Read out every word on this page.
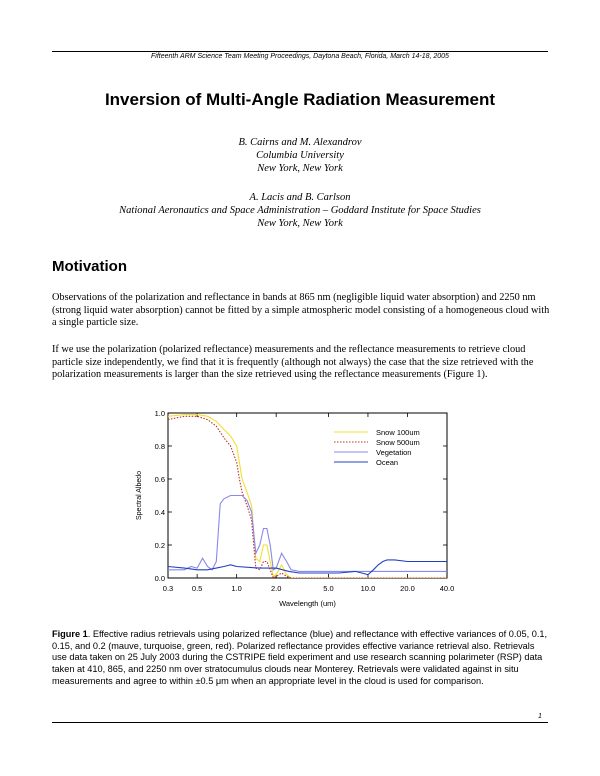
Fifteenth ARM Science Team Meeting Proceedings, Daytona Beach, Florida, March 14-18, 2005
Inversion of Multi-Angle Radiation Measurement
B. Cairns and M. Alexandrov
Columbia University
New York, New York
A. Lacis and B. Carlson
National Aeronautics and Space Administration – Goddard Institute for Space Studies
New York, New York
Motivation
Observations of the polarization and reflectance in bands at 865 nm (negligible liquid water absorption) and 2250 nm (strong liquid water absorption) cannot be fitted by a simple atmospheric model consisting of a homogeneous cloud with a single particle size.
If we use the polarization (polarized reflectance) measurements and the reflectance measurements to retrieve cloud particle size independently, we find that it is frequently (although not always) the case that the size retrieved with the polarization measurements is larger than the size retrieved using the reflectance measurements (Figure 1).
0.3 0.5	1.0	2.0	5.0	10.0	20.0	40.0
0.0
0.2
0.4
0.6
0.8
1.0
Wavelength (um)
Spectral Albedo
Snow 100um
Snow 500um
Vegetation
Ocean
Figure 1. Effective radius retrievals using polarized reflectance (blue) and reflectance with effective variances of 0.05, 0.1, 0.15, and 0.2 (mauve, turquoise, green, red). Polarized reflectance provides effective variance retrieval also. Retrievals use data taken on 25 July 2003 during the CSTRIPE field experiment and use research scanning polarimeter (RSP) data taken at 410, 865, and 2250 nm over stratocumulus clouds near Monterey. Retrievals were validated against in situ measurements and agree to within ±0.5 μm when an appropriate level in the cloud is used for comparison.
1
